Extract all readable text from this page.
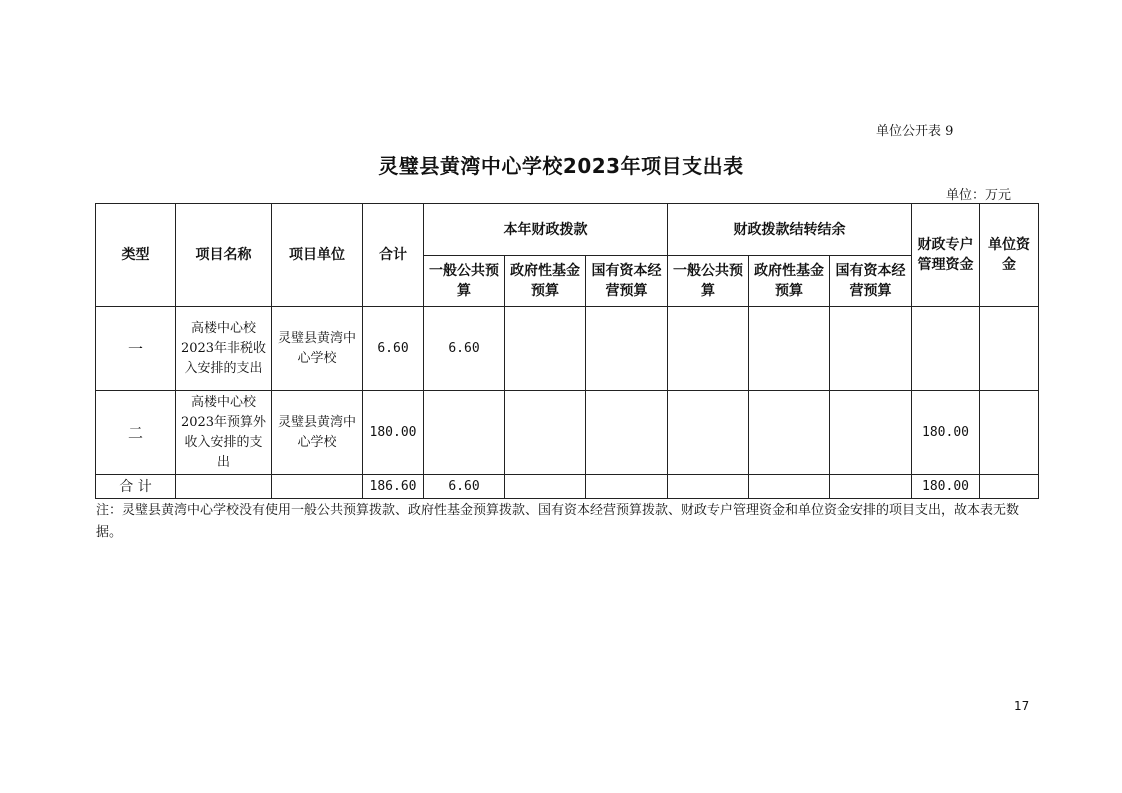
单位公开表 9
灵璧县黄湾中心学校2023年项目支出表
单位：万元
类型	项目名称	项目单位	合计	本年财政拨款			财政拨款结转结余			财政专户管理资金	单位资金
				一般公共预算	政府性基金预算	国有资本经营预算	一般公共预算	政府性基金预算	国有资本经营预算		
一	高楼中心校2023年非税收入安排的支出	灵璧县黄湾中心学校	6.60	6.60							
二	高楼中心校2023年预算外收入安排的支出	灵璧县黄湾中心学校	180.00							180.00	
合 计			186.60	6.60						180.00	
注：灵璧县黄湾中心学校没有使用一般公共预算拨款、政府性基金预算拨款、国有资本经营预算拨款、财政专户管理资金和单位资金安排的项目支出，故本表无数据。
17
